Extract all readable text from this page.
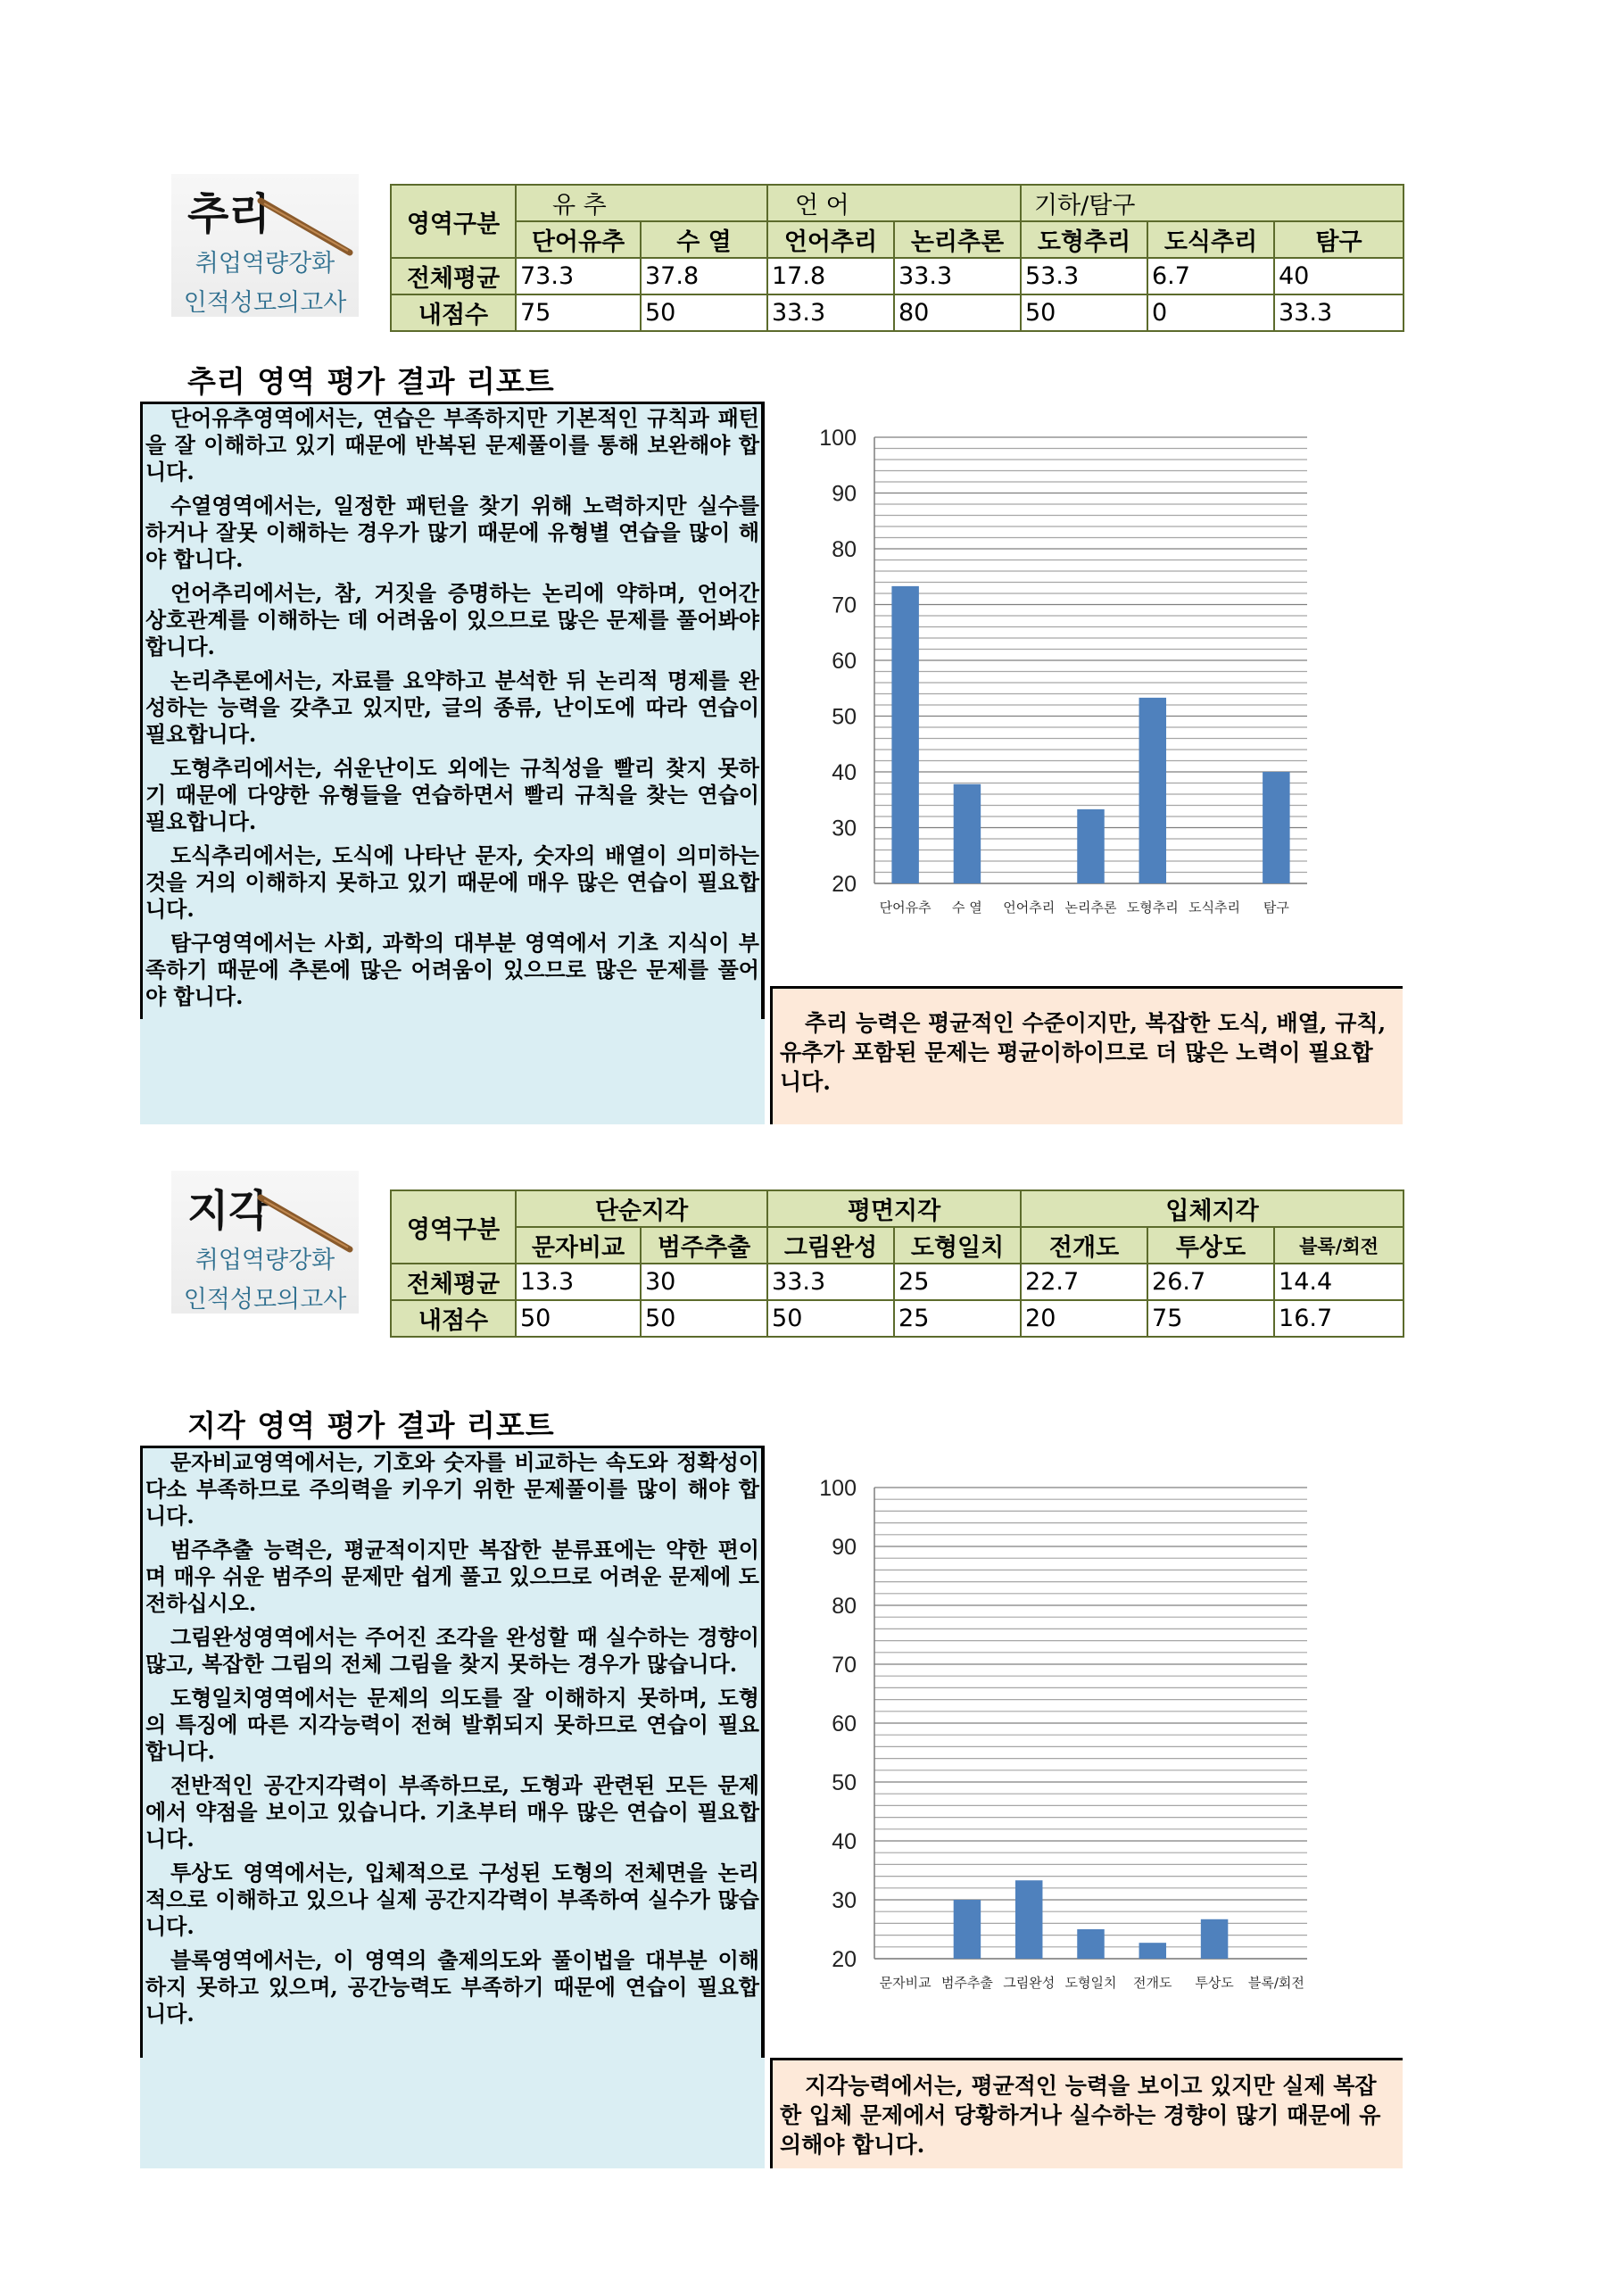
추리
취업역량강화
인적성모의고사
영역구분	유 추		언 어		기하/탐구		
	단어유추	수 열	언어추리	논리추론	도형추리	도식추리	탐구
전체평균	73.3	37.8	17.8	33.3	53.3	6.7	40
내점수	75	50	33.3	80	50	0	33.3
추리 영역 평가 결과 리포트

단어유추영역에서는, 연습은 부족하지만 기본적인 규칙과 패턴을 잘 이해하고 있기 때문에 반복된 문제풀이를 통해 보완해야 합니다.

수열영역에서는, 일정한 패턴을 찾기 위해 노력하지만 실수를 하거나 잘못 이해하는 경우가 많기 때문에 유형별 연습을 많이 해야 합니다.

언어추리에서는, 참, 거짓을 증명하는 논리에 약하며, 언어간 상호관계를 이해하는 데 어려움이 있으므로 많은 문제를 풀어봐야 합니다.

논리추론에서는, 자료를 요약하고 분석한 뒤 논리적 명제를 완성하는 능력을 갖추고 있지만, 글의 종류, 난이도에 따라 연습이 필요합니다.

도형추리에서는, 쉬운난이도 외에는 규칙성을 빨리 찾지 못하기 때문에 다양한 유형들을 연습하면서 빨리 규칙을 찾는 연습이 필요합니다.

도식추리에서는, 도식에 나타난 문자, 숫자의 배열이 의미하는 것을 거의 이해하지 못하고 있기 때문에 매우 많은 연습이 필요합니다.

탐구영역에서는 사회, 과학의 대부분 영역에서 기초 지식이 부족하기 때문에 추론에 많은 어려움이 있으므로 많은 문제를 풀어야 합니다.

20
30
40
50
60
70
80
90
100
단어유추 수 열 언어추리 논리추론 도형추리 도식추리 탐구

추리 능력은 평균적인 수준이지만, 복잡한 도식, 배열, 규칙, 유추가 포함된 문제는 평균이하이므로 더 많은 노력이 필요합니다.

지각
취업역량강화
인적성모의고사
영역구분	단순지각		평면지각		입체지각		
	문자비교	범주추출	그림완성	도형일치	전개도	투상도	블록/회전
전체평균	13.3	30	33.3	25	22.7	26.7	14.4
내점수	50	50	50	25	20	75	16.7
지각 영역 평가 결과 리포트

문자비교영역에서는, 기호와 숫자를 비교하는 속도와 정확성이 다소 부족하므로 주의력을 키우기 위한 문제풀이를 많이 해야 합니다.

범주추출 능력은, 평균적이지만 복잡한 분류표에는 약한 편이며 매우 쉬운 범주의 문제만 쉽게 풀고 있으므로 어려운 문제에 도전하십시오.

그림완성영역에서는 주어진 조각을 완성할 때 실수하는 경향이 많고, 복잡한 그림의 전체 그림을 찾지 못하는 경우가 많습니다.

도형일치영역에서는 문제의 의도를 잘 이해하지 못하며, 도형의 특징에 따른 지각능력이 전혀 발휘되지 못하므로 연습이 필요합니다.

전반적인 공간지각력이 부족하므로, 도형과 관련된 모든 문제에서 약점을 보이고 있습니다. 기초부터 매우 많은 연습이 필요합니다.

투상도 영역에서는, 입체적으로 구성된 도형의 전체면을 논리적으로 이해하고 있으나 실제 공간지각력이 부족하여 실수가 많습니다.

블록영역에서는, 이 영역의 출제의도와 풀이법을 대부분 이해하지 못하고 있으며, 공간능력도 부족하기 때문에 연습이 필요합니다.

20
30
40
50
60
70
80
90
100
문자비교 범주추출 그림완성 도형일치 전개도 투상도 블록/회전

지각능력에서는, 평균적인 능력을 보이고 있지만 실제 복잡한 입체 문제에서 당황하거나 실수하는 경향이 많기 때문에 유의해야 합니다.
